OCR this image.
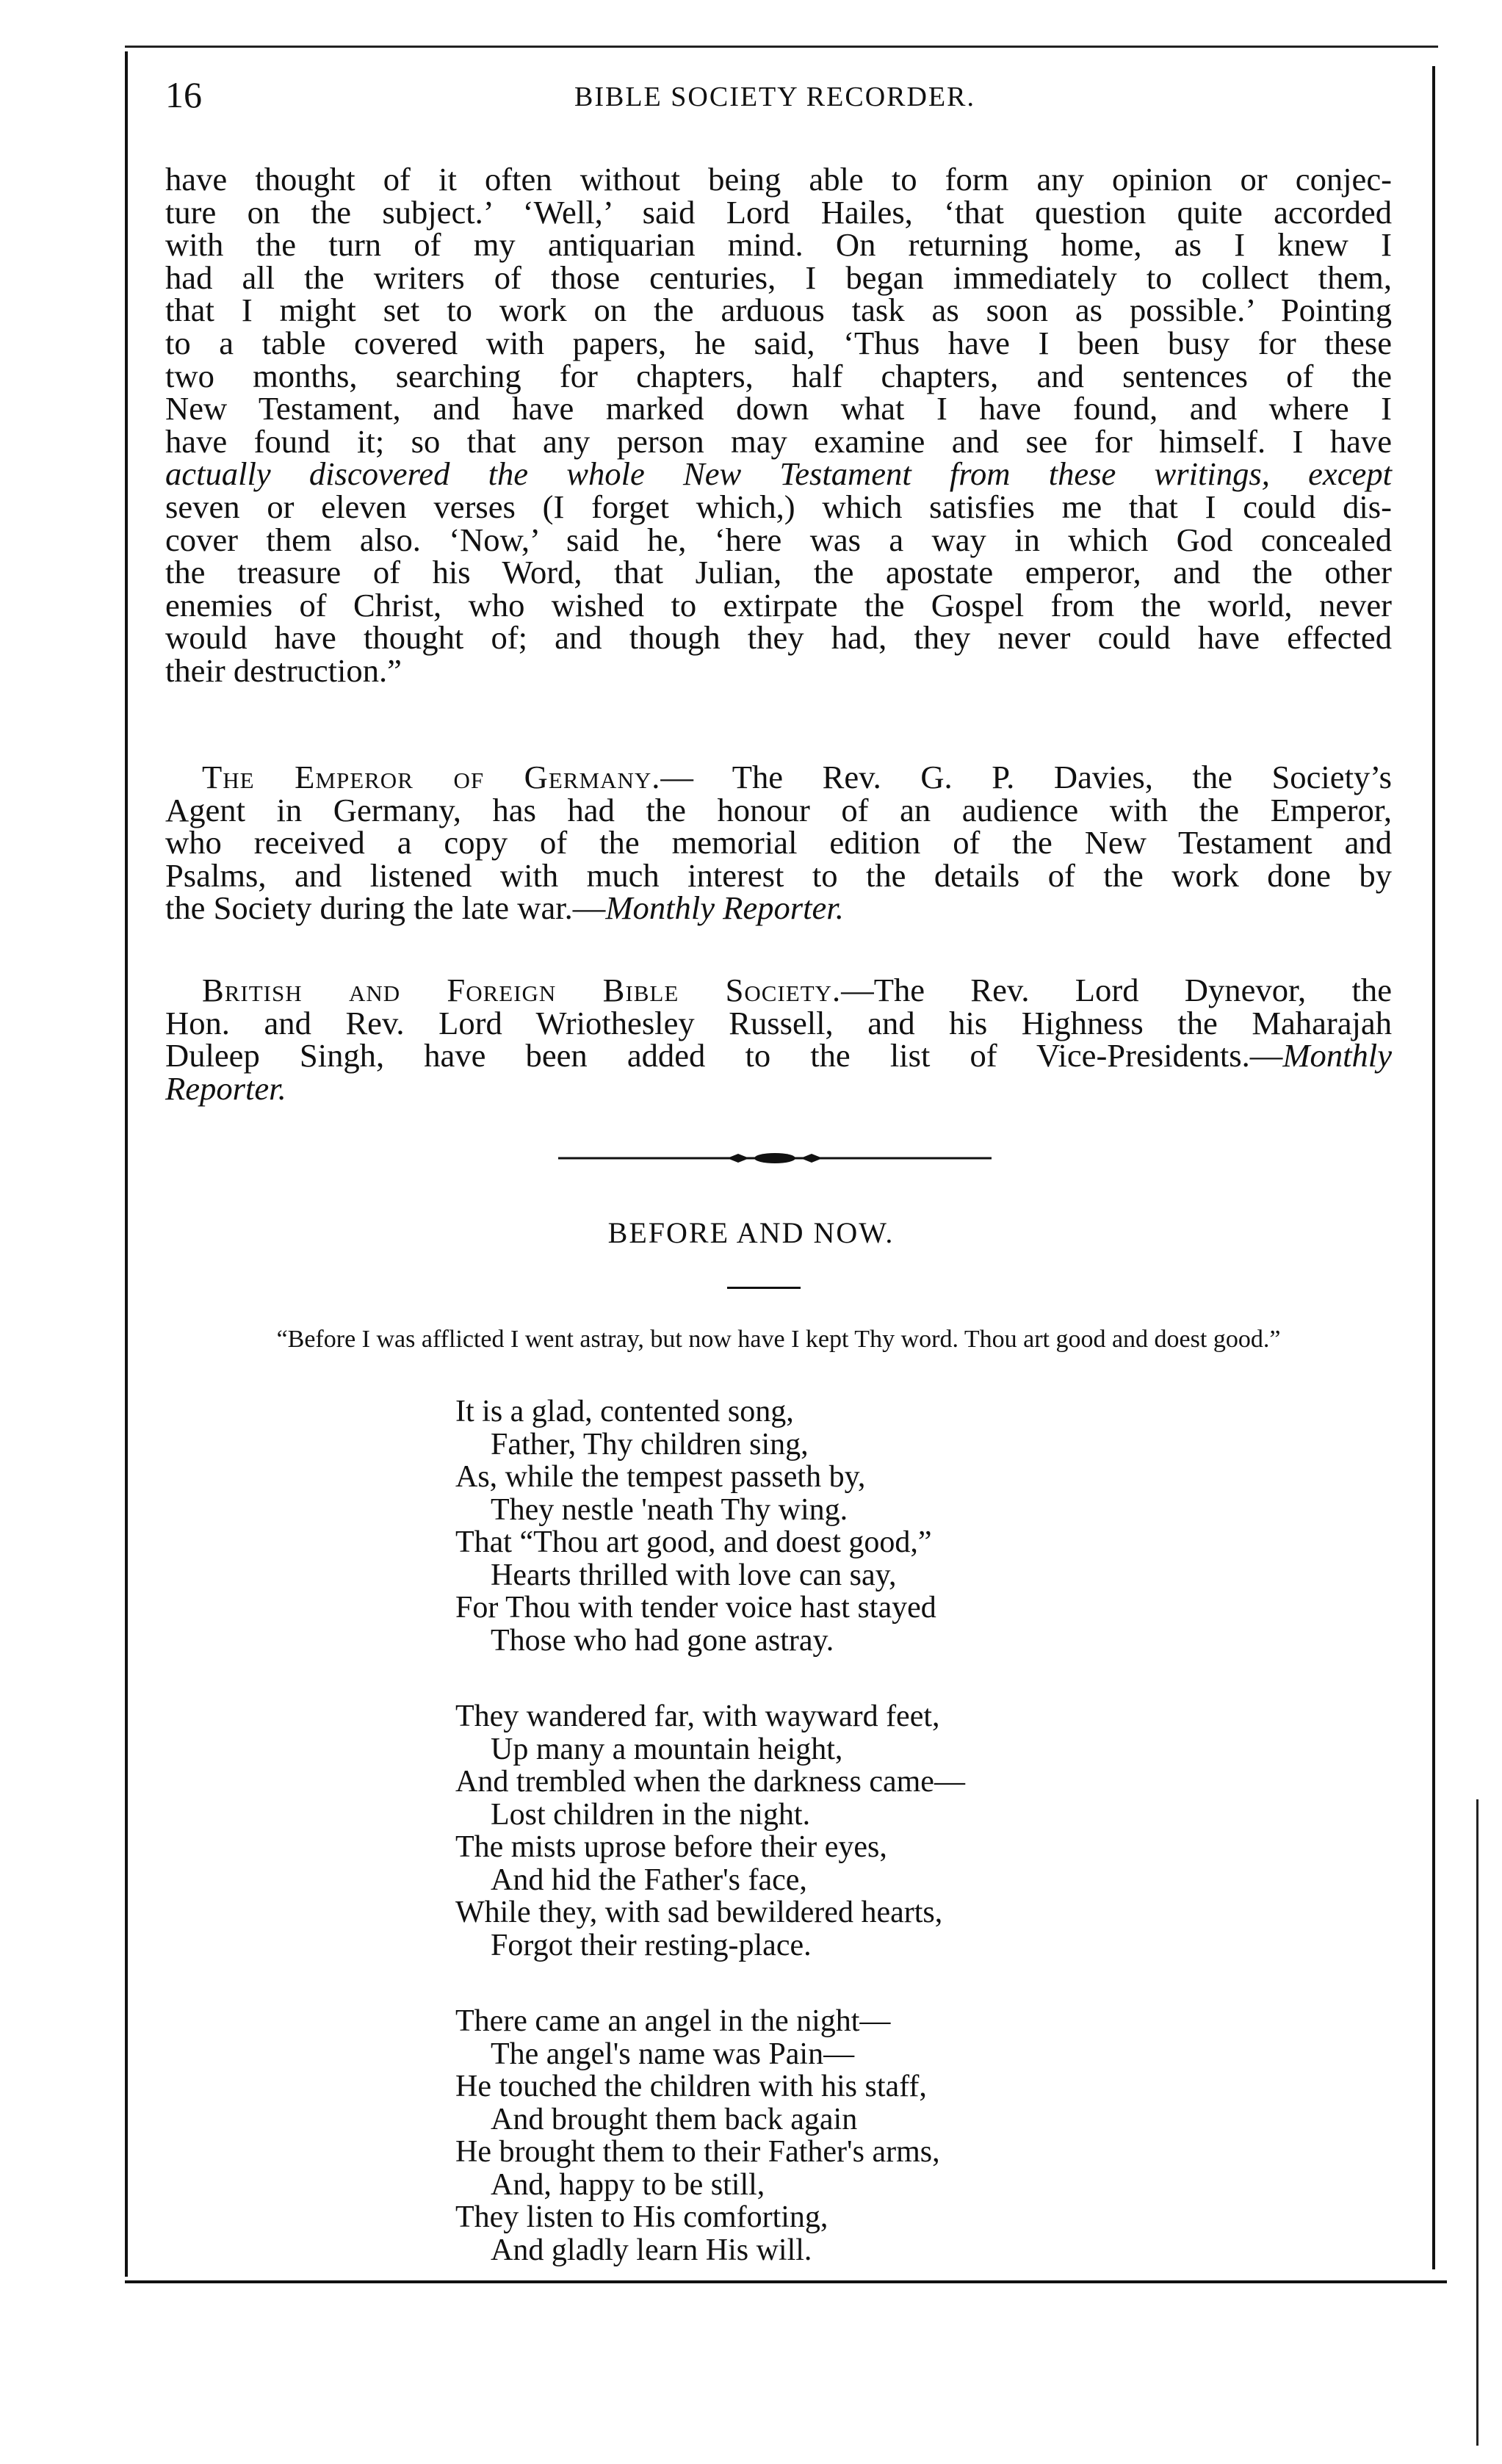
16	BIBLE SOCIETY RECORDER.
have thought of it often without being able to form any opinion or conjec-
ture on the subject.’ ‘Well,’ said Lord Hailes, ‘that question quite accorded
with the turn of my antiquarian mind. On returning home, as I knew I
had all the writers of those centuries, I began immediately to collect them,
that I might set to work on the arduous task as soon as possible.’ Pointing
to a table covered with papers, he said, ‘Thus have I been busy for these
two months, searching for chapters, half chapters, and sentences of the
New Testament, and have marked down what I have found, and where I
have found it; so that any person may examine and see for himself. I have
actually discovered the whole New Testament from these writings, except
seven or eleven verses (I forget which,) which satisfies me that I could dis-
cover them also. ‘Now,’ said he, ‘here was a way in which God concealed
the treasure of his Word, that Julian, the apostate emperor, and the other
enemies of Christ, who wished to extirpate the Gospel from the world, never
would have thought of; and though they had, they never could have effected
their destruction.”
The Emperor of Germany.— The Rev. G. P. Davies, the Society’s
Agent in Germany, has had the honour of an audience with the Emperor,
who received a copy of the memorial edition of the New Testament and
Psalms, and listened with much interest to the details of the work done by
the Society during the late war.—Monthly Reporter.
British and Foreign Bible Society.—The Rev. Lord Dynevor, the
Hon. and Rev. Lord Wriothesley Russell, and his Highness the Maharajah
Duleep Singh, have been added to the list of Vice-Presidents.—Monthly
Reporter.
BEFORE AND NOW.
“Before I was afflicted I went astray, but now have I kept Thy word. Thou art good and doest good.”
It is a glad, contented song,
Father, Thy children sing,
As, while the tempest passeth by,
They nestle 'neath Thy wing.
That “Thou art good, and doest good,”
Hearts thrilled with love can say,
For Thou with tender voice hast stayed
Those who had gone astray.
They wandered far, with wayward feet,
Up many a mountain height,
And trembled when the darkness came—
Lost children in the night.
The mists uprose before their eyes,
And hid the Father's face,
While they, with sad bewildered hearts,
Forgot their resting-place.
There came an angel in the night—
The angel's name was Pain—
He touched the children with his staff,
And brought them back again
He brought them to their Father's arms,
And, happy to be still,
They listen to His comforting,
And gladly learn His will.
